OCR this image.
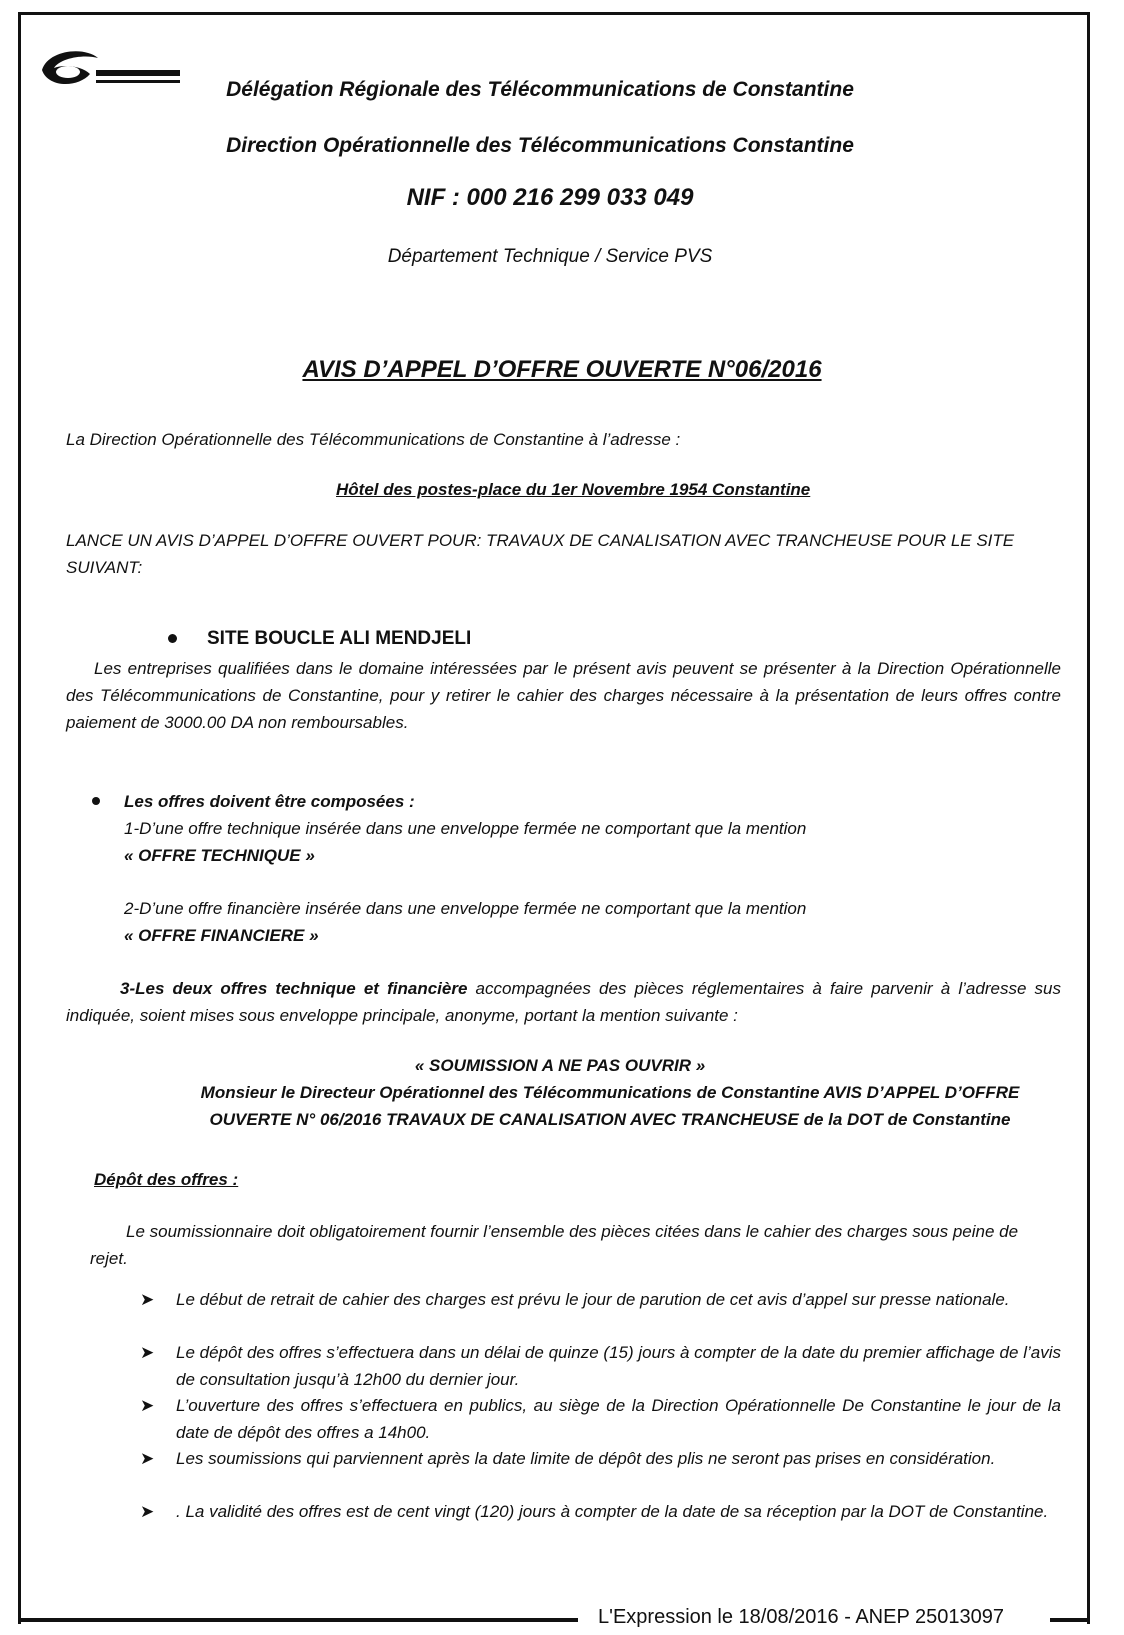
Délégation Régionale des Télécommunications de Constantine
Direction Opérationnelle des Télécommunications Constantine
NIF : 000 216 299 033 049
Département Technique / Service PVS
AVIS D’APPEL D’OFFRE OUVERTE N°06/2016
La Direction Opérationnelle des Télécommunications de Constantine à l’adresse :
Hôtel des postes-place du 1er Novembre 1954 Constantine
LANCE UN AVIS D’APPEL D’OFFRE OUVERT POUR: TRAVAUX DE CANALISATION AVEC TRANCHEUSE POUR LE SITE SUIVANT:
SITE BOUCLE ALI MENDJELI
Les entreprises qualifiées dans le domaine intéressées par le présent avis peuvent se présenter à la Direction Opérationnelle des Télécommunications de Constantine, pour y retirer le cahier des charges nécessaire à la présentation de leurs offres contre paiement de 3000.00 DA non remboursables.
Les offres doivent être composées :
1-D’une offre technique insérée dans une enveloppe fermée ne comportant que la mention
« OFFRE TECHNIQUE »
2-D’une offre financière insérée dans une enveloppe fermée ne comportant que la mention
« OFFRE FINANCIERE »
3-Les deux offres technique et financière accompagnées des pièces réglementaires à faire parvenir à l’adresse sus indiquée, soient mises sous enveloppe principale, anonyme, portant la mention suivante :
« SOUMISSION A NE PAS OUVRIR »
Monsieur le Directeur Opérationnel des Télécommunications de Constantine AVIS D’APPEL D’OFFRE OUVERTE N° 06/2016 TRAVAUX DE CANALISATION AVEC TRANCHEUSE de la DOT de Constantine
Dépôt des offres :
Le soumissionnaire doit obligatoirement fournir l’ensemble des pièces citées dans le cahier des charges sous peine de rejet.
➤ Le début de retrait de cahier des charges est prévu le jour de parution de cet avis d’appel sur presse nationale.
➤ Le dépôt des offres s’effectuera dans un délai de quinze (15) jours à compter de la date du premier affichage de l’avis de consultation jusqu’à 12h00 du dernier jour.
➤ L’ouverture des offres s’effectuera en publics, au siège de la Direction Opérationnelle De Constantine le jour de la date de dépôt des offres a 14h00.
➤ Les soumissions qui parviennent après la date limite de dépôt des plis ne seront pas prises en considération.
➤ . La validité des offres est de cent vingt (120) jours à compter de la date de sa réception par la DOT de Constantine.
L'Expression le 18/08/2016 - ANEP 25013097
